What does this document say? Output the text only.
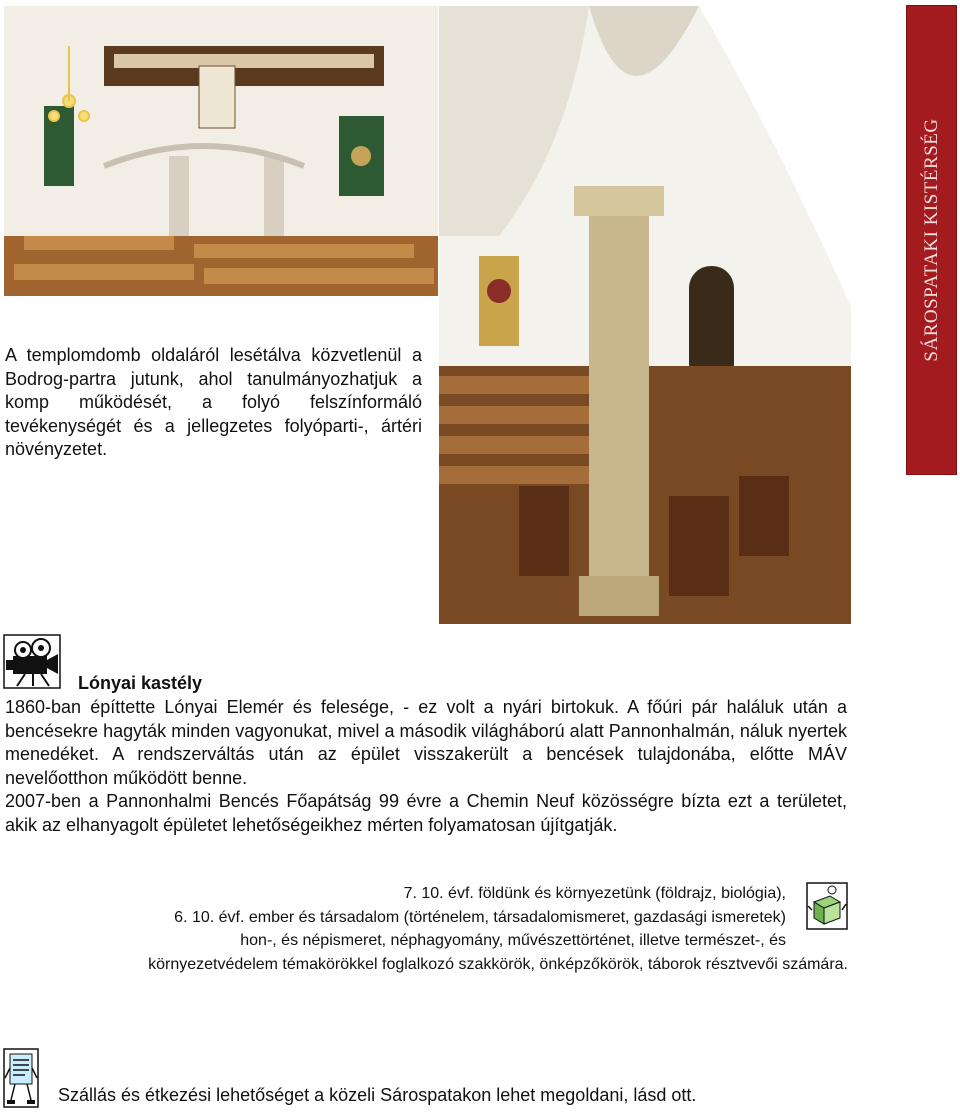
SÁROSPATAKI KISTÉRSÉG
A templomdomb oldaláról lesétálva közvetlenül a Bodrog-partra jutunk, ahol tanulmányozhatjuk a komp működését, a folyó felszínformáló tevékenységét és a jellegzetes folyóparti-, ártéri növényzetet.
Lónyai kastély

1860-ban építtette Lónyai Elemér és felesége, - ez volt a nyári birtokuk. A főúri pár haláluk után a bencésekre hagyták minden vagyonukat, mivel a második világháború alatt Pannonhalmán, náluk nyertek menedéket. A rendszerváltás után az épület visszakerült a bencések tulajdonába, előtte MÁV nevelőotthon működött benne.

2007-ben a Pannonhalmi Bencés Főapátság 99 évre a Chemin Neuf közösségre bízta ezt a területet, akik az elhanyagolt épületet lehetőségeikhez mérten folyamatosan újítgatják.

7. 10. évf. földünk és környezetünk (földrajz, biológia),
6. 10. évf. ember és társadalom (történelem, társadalomismeret, gazdasági ismeretek)
hon-, és népismeret, néphagyomány, művészettörténet, illetve természet-, és
környezetvédelem témakörökkel foglalkozó szakkörök, önképzőkörök, táborok résztvevői számára.
Szállás és étkezési lehetőséget a közeli Sárospatakon lehet megoldani, lásd ott.
